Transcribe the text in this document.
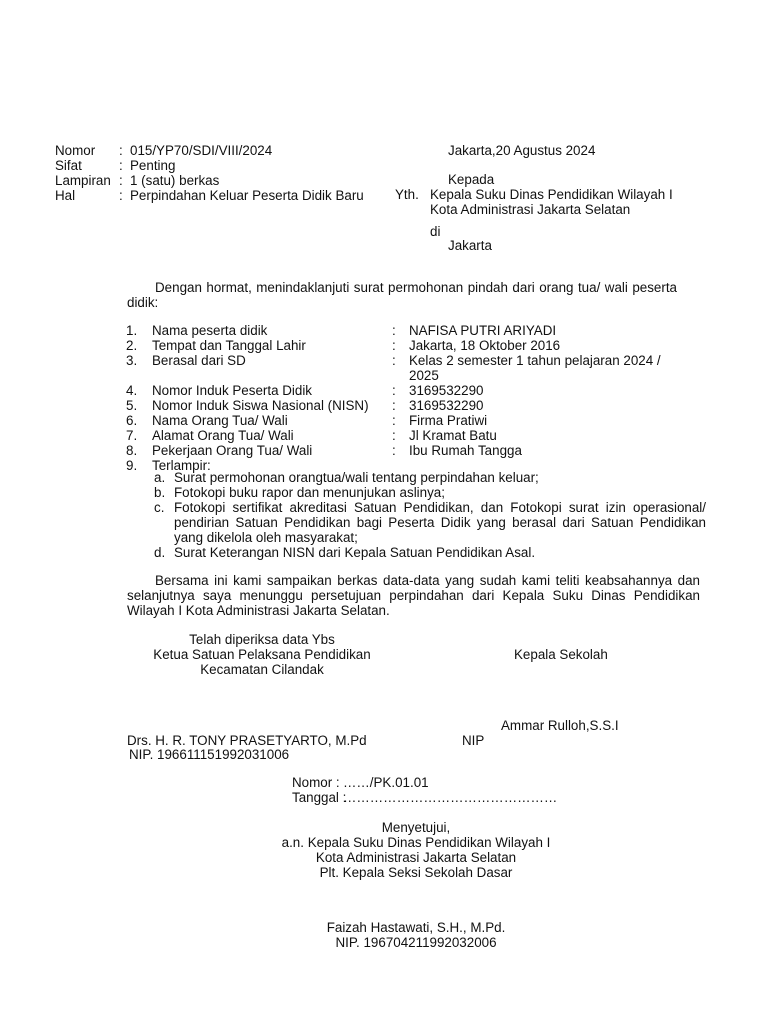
Nomor : 015/YP70/SDI/VIII/2024
Sifat	: Penting
Lampiran : 1 (satu) berkas
Hal	: Perpindahan Keluar Peserta Didik Baru
Jakarta,20 Agustus 2024
Kepada
Yth. Kepala Suku Dinas Pendidikan Wilayah I
Kota Administrasi Jakarta Selatan
di
Jakarta
Dengan hormat, menindaklanjuti surat permohonan pindah dari orang tua/ wali peserta didik:
1. Nama peserta didik	: NAFISA PUTRI ARIYADI
2. Tempat dan Tanggal Lahir	: Jakarta, 18 Oktober 2016
3. Berasal dari SD	: Kelas 2 semester 1 tahun pelajaran 2024 /
2025
4. Nomor Induk Peserta Didik	: 3169532290
5. Nomor Induk Siswa Nasional (NISN) : 3169532290
6. Nama Orang Tua/ Wali	: Firma Pratiwi
7. Alamat Orang Tua/ Wali	: Jl Kramat Batu
8. Pekerjaan Orang Tua/ Wali	: Ibu Rumah Tangga
9. Terlampir:
a. Surat permohonan orangtua/wali tentang perpindahan keluar;
b. Fotokopi buku rapor dan menunjukan aslinya;
c. Fotokopi sertifikat akreditasi Satuan Pendidikan, dan Fotokopi surat izin operasional/ pendirian Satuan Pendidikan bagi Peserta Didik yang berasal dari Satuan Pendidikan yang dikelola oleh masyarakat;
d. Surat Keterangan NISN dari Kepala Satuan Pendidikan Asal.
Bersama ini kami sampaikan berkas data-data yang sudah kami teliti keabsahannya dan selanjutnya saya menunggu persetujuan perpindahan dari Kepala Suku Dinas Pendidikan Wilayah I Kota Administrasi Jakarta Selatan.
Telah diperiksa data Ybs
Ketua Satuan Pelaksana Pendidikan
Kecamatan Cilandak
Kepala Sekolah
Ammar Rulloh,S.S.I
Drs. H. R. TONY PRASETYARTO, M.Pd	NIP
NIP. 196611151992031006
Nomor : ……/PK.01.01
Tanggal :
…………………………………………
Menyetujui,
a.n. Kepala Suku Dinas Pendidikan Wilayah I
Kota Administrasi Jakarta Selatan
Plt. Kepala Seksi Sekolah Dasar
Faizah Hastawati, S.H., M.Pd.
NIP. 196704211992032006
